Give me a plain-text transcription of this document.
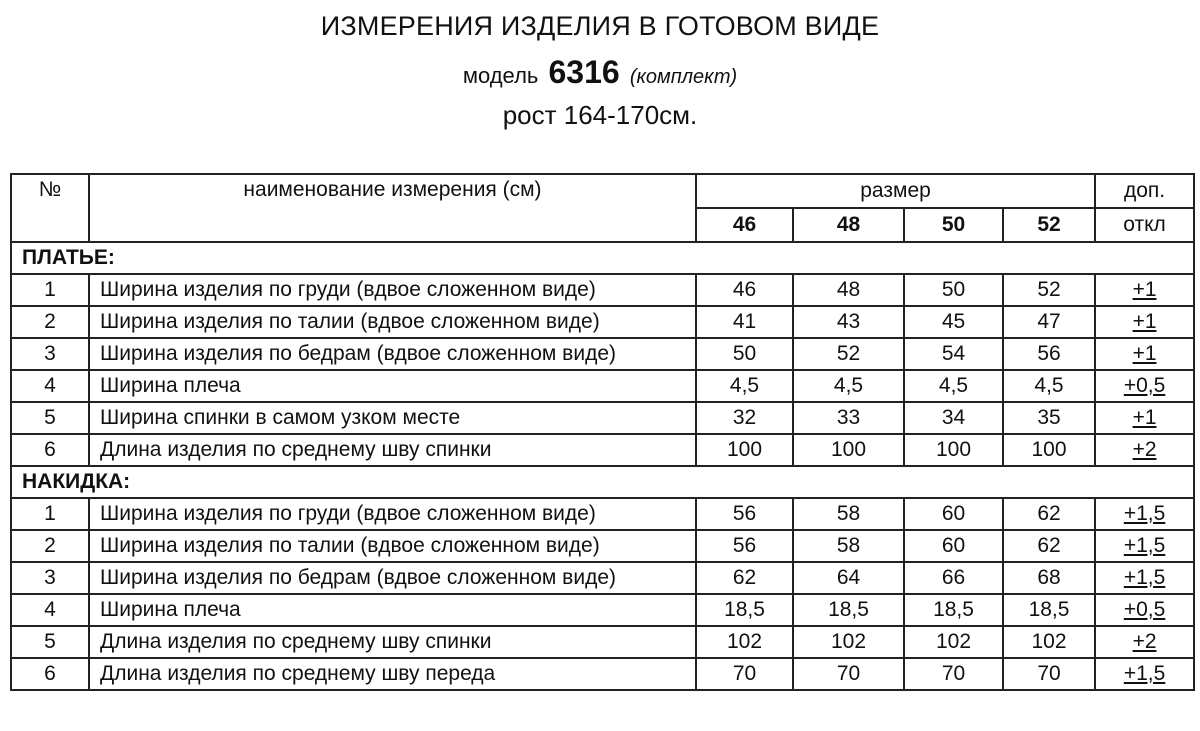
ИЗМЕРЕНИЯ ИЗДЕЛИЯ В ГОТОВОМ ВИДЕ
модель 6316 (комплект)
рост 164-170см.
№	наименование измерения (см)	размер				доп.
		46	48	50	52	откл
ПЛАТЬЕ:						
1	Ширина изделия по груди (вдвое сложенном виде)	46	48	50	52	+1
2	Ширина изделия по талии (вдвое сложенном виде)	41	43	45	47	+1
3	Ширина изделия по бедрам (вдвое сложенном виде)	50	52	54	56	+1
4	Ширина плеча	4,5	4,5	4,5	4,5	+0,5
5	Ширина спинки в самом узком месте	32	33	34	35	+1
6	Длина изделия по среднему шву спинки	100	100	100	100	+2
НАКИДКА:						
1	Ширина изделия по груди (вдвое сложенном виде)	56	58	60	62	+1,5
2	Ширина изделия по талии (вдвое сложенном виде)	56	58	60	62	+1,5
3	Ширина изделия по бедрам (вдвое сложенном виде)	62	64	66	68	+1,5
4	Ширина плеча	18,5	18,5	18,5	18,5	+0,5
5	Длина изделия по среднему шву спинки	102	102	102	102	+2
6	Длина изделия по среднему шву переда	70	70	70	70	+1,5
